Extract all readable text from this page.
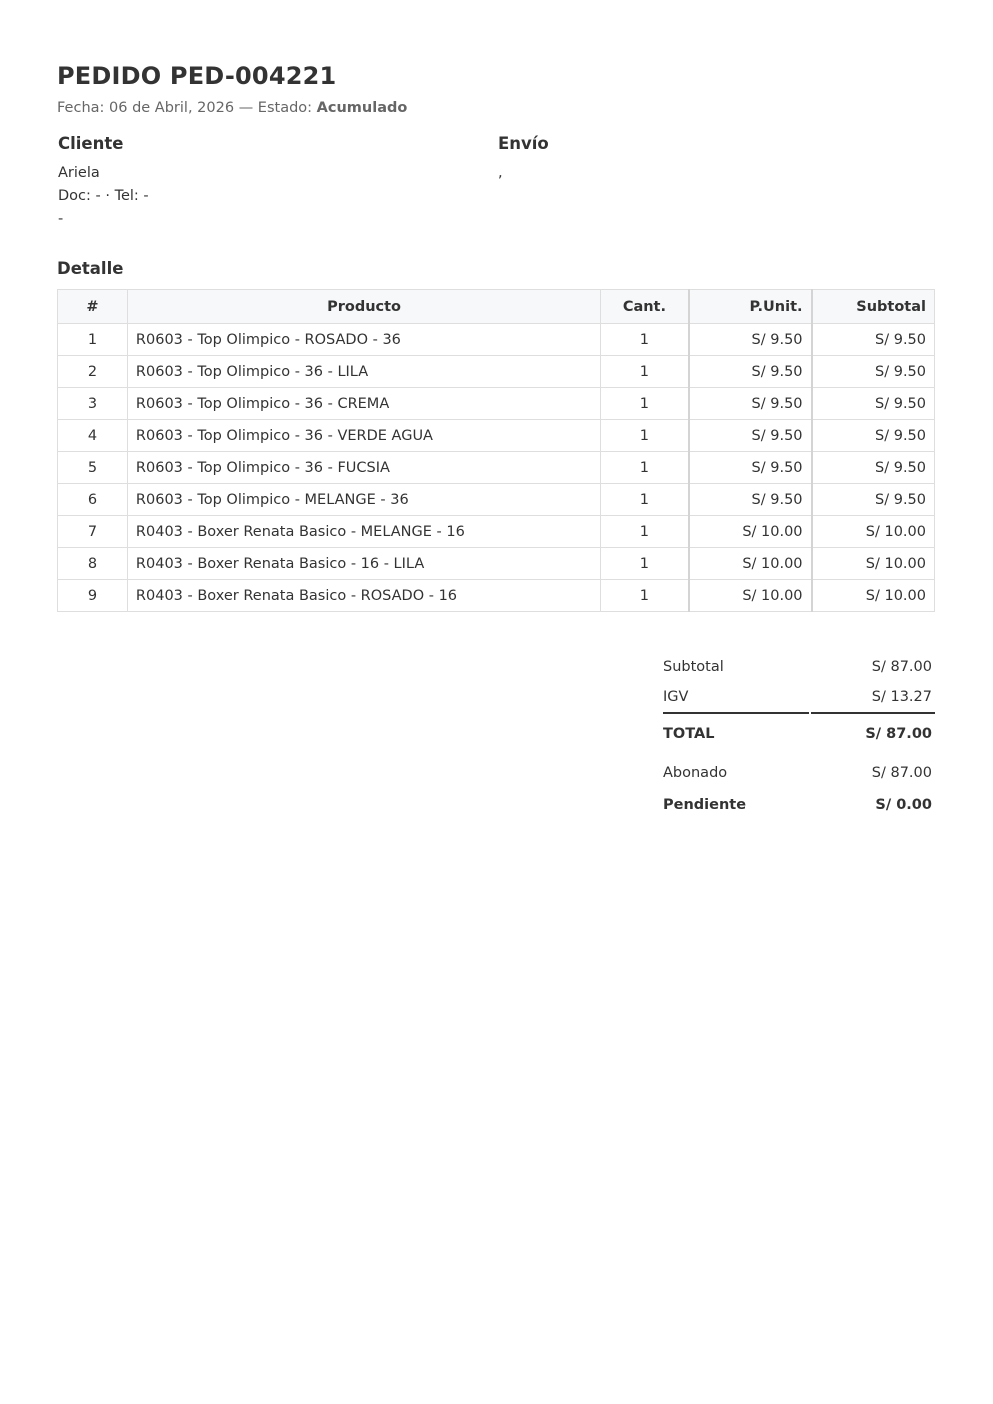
PEDIDO PED-004221
Fecha: 06 de Abril, 2026 — Estado: Acumulado
Cliente
Ariela
Doc: - · Tel: -
-
Envío
,
Detalle
#	Producto	Cant.	P.Unit.	Subtotal
1	R0603 - Top Olimpico - ROSADO - 36	1	S/ 9.50	S/ 9.50
2	R0603 - Top Olimpico - 36 - LILA	1	S/ 9.50	S/ 9.50
3	R0603 - Top Olimpico - 36 - CREMA	1	S/ 9.50	S/ 9.50
4	R0603 - Top Olimpico - 36 - VERDE AGUA	1	S/ 9.50	S/ 9.50
5	R0603 - Top Olimpico - 36 - FUCSIA	1	S/ 9.50	S/ 9.50
6	R0603 - Top Olimpico - MELANGE - 36	1	S/ 9.50	S/ 9.50
7	R0403 - Boxer Renata Basico - MELANGE - 16	1	S/ 10.00	S/ 10.00
8	R0403 - Boxer Renata Basico - 16 - LILA	1	S/ 10.00	S/ 10.00
9	R0403 - Boxer Renata Basico - ROSADO - 16	1	S/ 10.00	S/ 10.00
Subtotal	S/ 87.00
IGV	S/ 13.27
TOTAL	S/ 87.00
Abonado	S/ 87.00
Pendiente	S/ 0.00
